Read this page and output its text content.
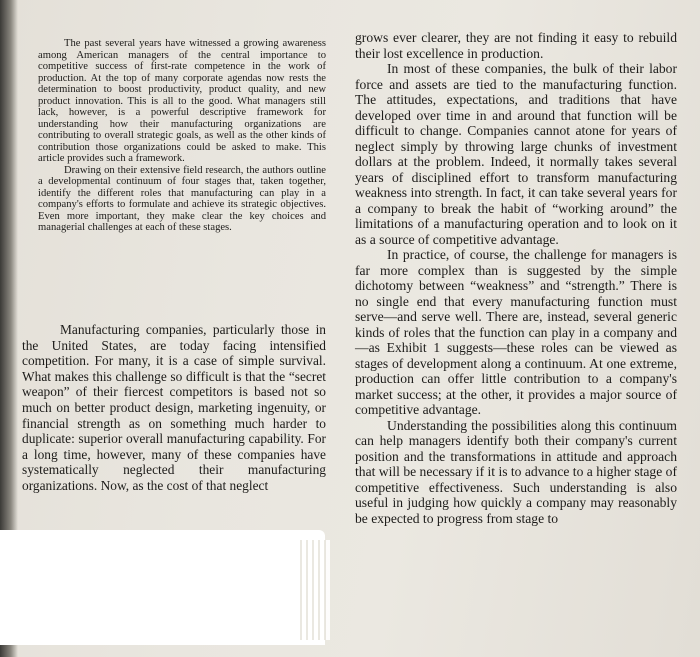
The past several years have witnessed a growing awareness among American managers of the central importance to competitive success of first-rate competence in the work of production. At the top of many corporate agendas now rests the determination to boost productivity, product quality, and new product innovation. This is all to the good. What managers still lack, however, is a powerful descriptive framework for understanding how their manufacturing organizations are contributing to overall strategic goals, as well as the other kinds of contribution those organizations could be asked to make. This article provides such a framework.

Drawing on their extensive field research, the authors outline a developmental continuum of four stages that, taken together, identify the different roles that manufacturing can play in a company's efforts to formulate and achieve its strategic objectives. Even more important, they make clear the key choices and managerial challenges at each of these stages.

Manufacturing companies, particularly those in the United States, are today facing intensified competition. For many, it is a case of simple survival. What makes this challenge so difficult is that the “secret weapon” of their fiercest competitors is based not so much on better product design, marketing ingenuity, or financial strength as on something much harder to duplicate: superior overall manufacturing capability. For a long time, however, many of these companies have systematically neglected their manufacturing organizations. Now, as the cost of that neglect

grows ever clearer, they are not finding it easy to rebuild their lost excellence in production.

In most of these companies, the bulk of their labor force and assets are tied to the manufacturing function. The attitudes, expectations, and traditions that have developed over time in and around that function will be difficult to change. Companies cannot atone for years of neglect simply by throwing large chunks of investment dollars at the problem. Indeed, it normally takes several years of disciplined effort to transform manufacturing weakness into strength. In fact, it can take several years for a company to break the habit of “working around” the limitations of a manufacturing operation and to look on it as a source of competitive advantage.

In practice, of course, the challenge for managers is far more complex than is suggested by the simple dichotomy between “weakness” and “strength.” There is no single end that every manufacturing function must serve—and serve well. There are, instead, several generic kinds of roles that the function can play in a company and—as Exhibit 1 suggests—these roles can be viewed as stages of development along a continuum. At one extreme, production can offer little contribution to a company's market success; at the other, it provides a major source of competitive advantage.

Understanding the possibilities along this continuum can help managers identify both their company's current position and the transformations in attitude and approach that will be necessary if it is to advance to a higher stage of competitive effectiveness. Such understanding is also useful in judging how quickly a company may reasonably be expected to progress from stage to
